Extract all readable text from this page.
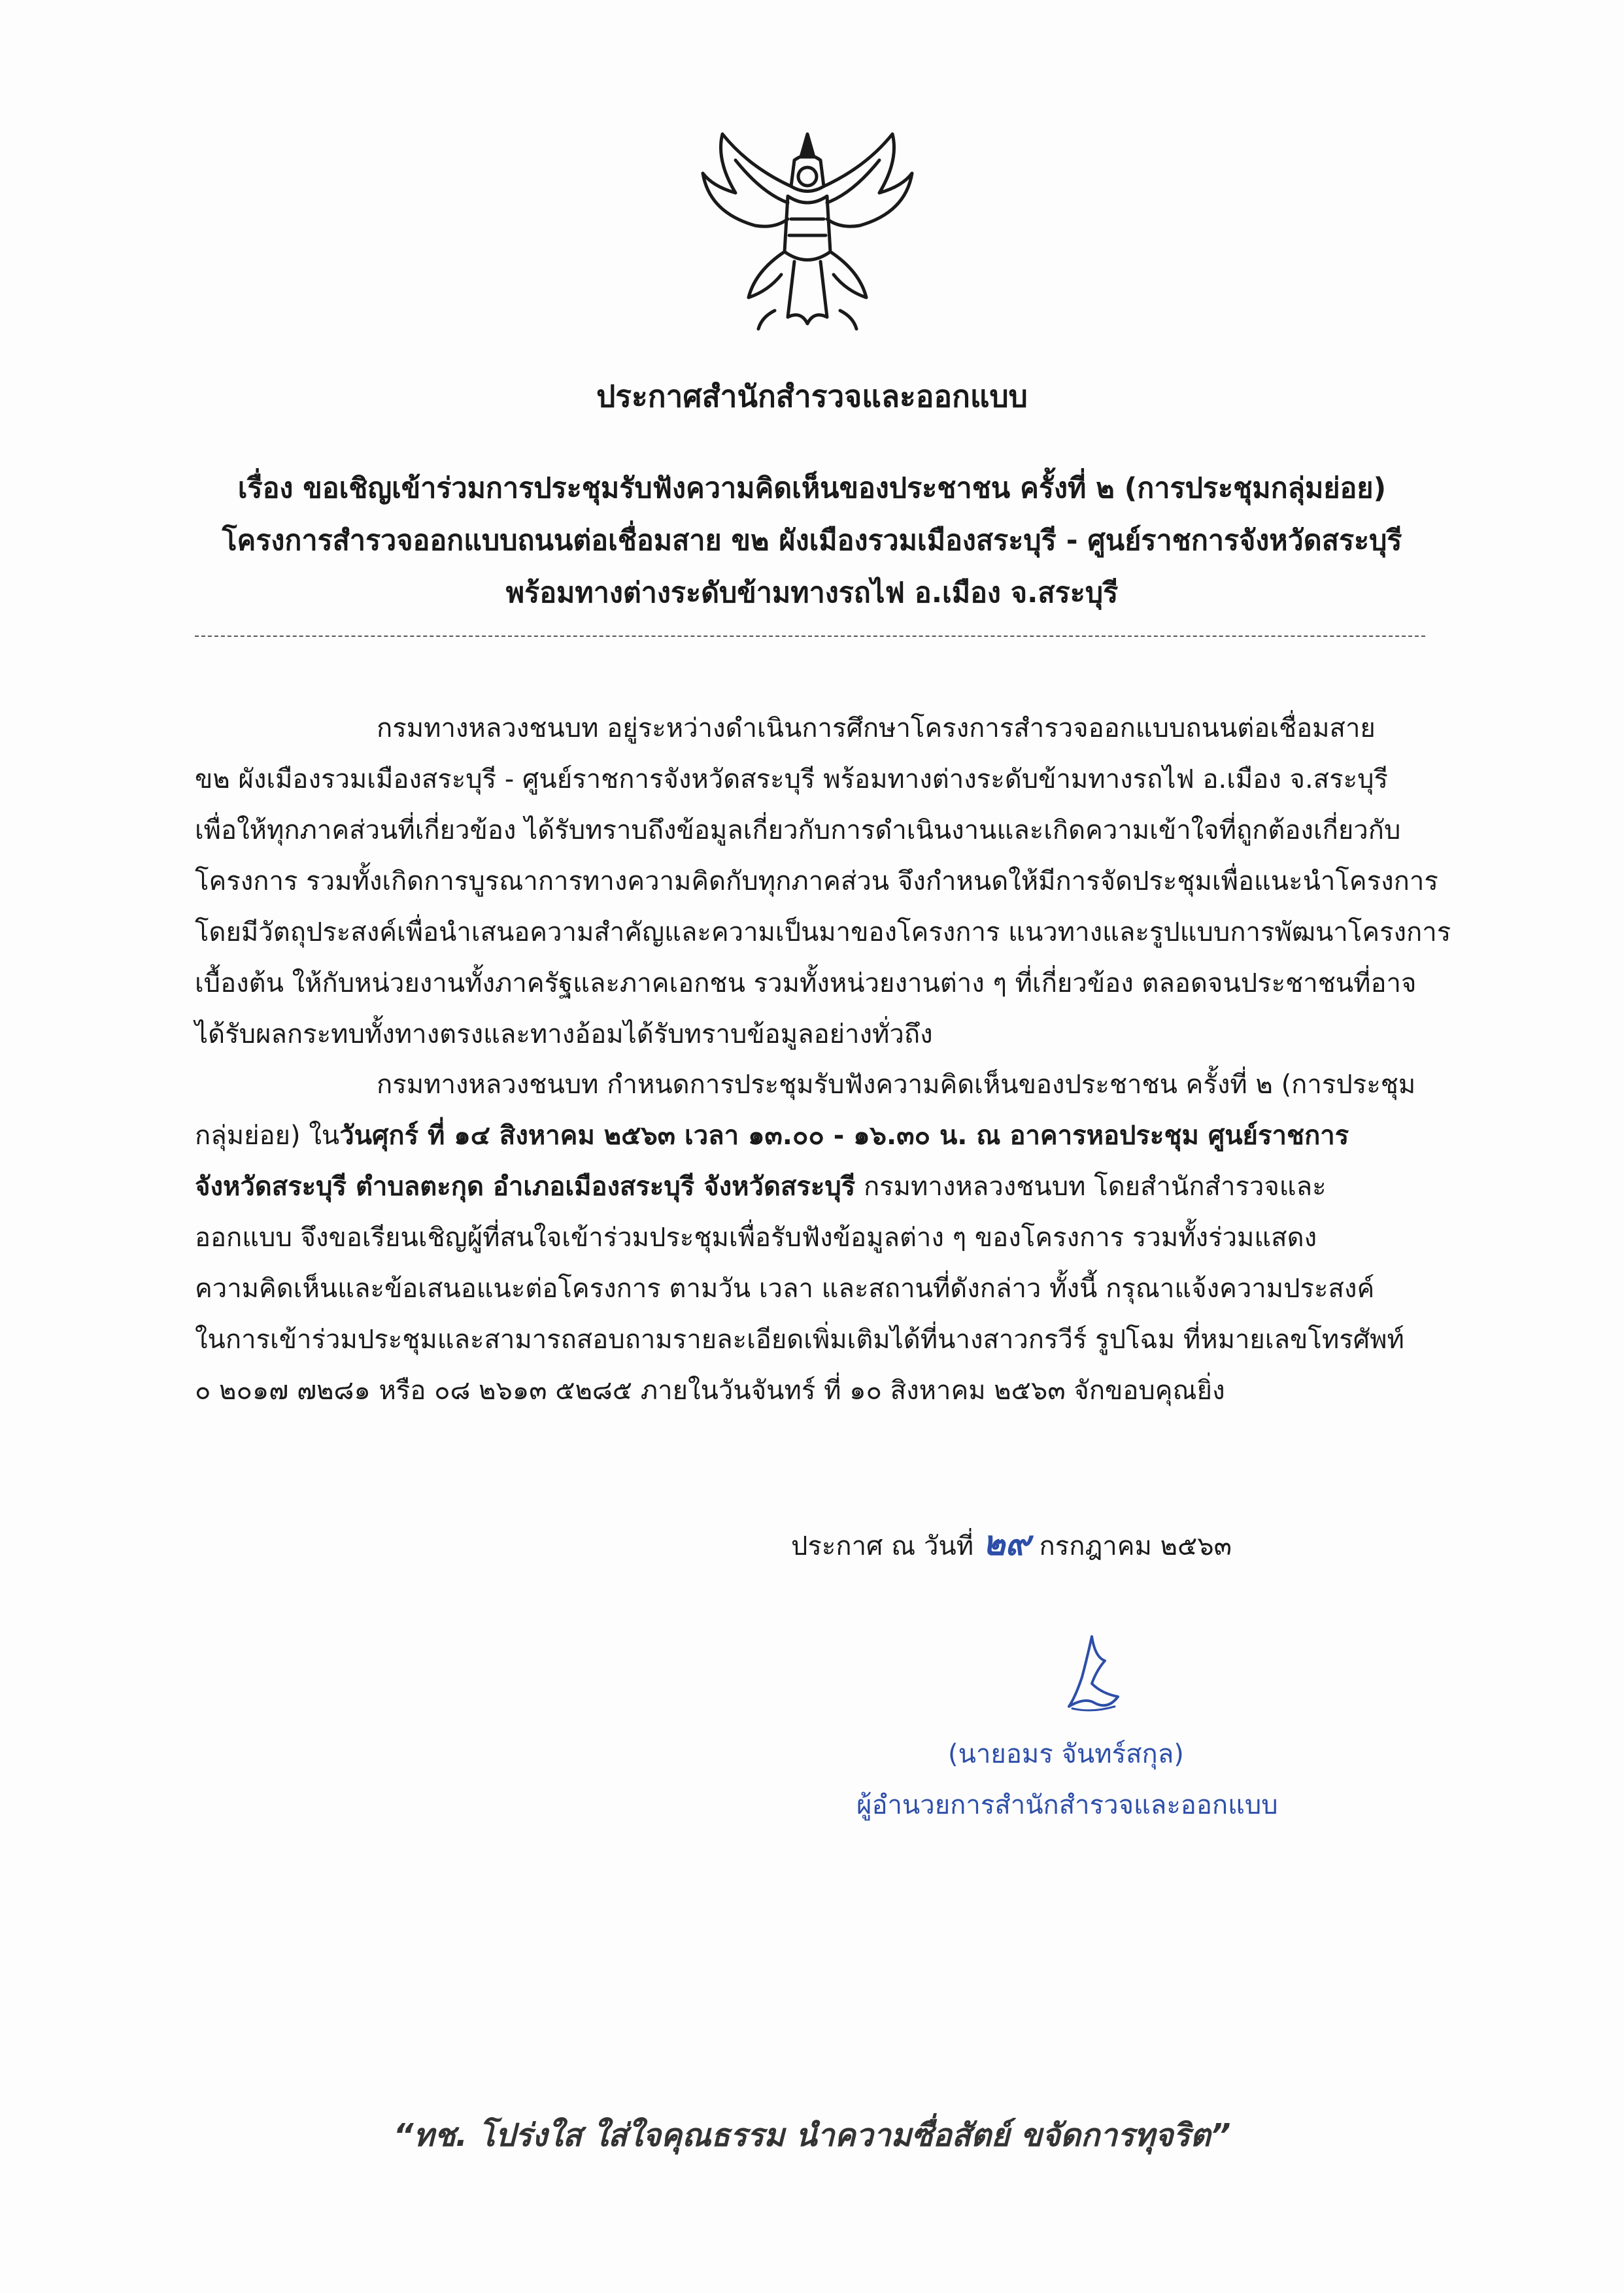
ประกาศสำนักสำรวจและออกแบบ
เรื่อง ขอเชิญเข้าร่วมการประชุมรับฟังความคิดเห็นของประชาชน ครั้งที่ ๒ (การประชุมกลุ่มย่อย)
โครงการสำรวจออกแบบถนนต่อเชื่อมสาย ข๒ ผังเมืองรวมเมืองสระบุรี - ศูนย์ราชการจังหวัดสระบุรี
พร้อมทางต่างระดับข้ามทางรถไฟ อ.เมือง จ.สระบุรี
กรมทางหลวงชนบท อยู่ระหว่างดำเนินการศึกษาโครงการสำรวจออกแบบถนนต่อเชื่อมสาย
ข๒ ผังเมืองรวมเมืองสระบุรี - ศูนย์ราชการจังหวัดสระบุรี พร้อมทางต่างระดับข้ามทางรถไฟ อ.เมือง จ.สระบุรี
เพื่อให้ทุกภาคส่วนที่เกี่ยวข้อง ได้รับทราบถึงข้อมูลเกี่ยวกับการดำเนินงานและเกิดความเข้าใจที่ถูกต้องเกี่ยวกับ
โครงการ รวมทั้งเกิดการบูรณาการทางความคิดกับทุกภาคส่วน จึงกำหนดให้มีการจัดประชุมเพื่อแนะนำโครงการ
โดยมีวัตถุประสงค์เพื่อนำเสนอความสำคัญและความเป็นมาของโครงการ แนวทางและรูปแบบการพัฒนาโครงการ
เบื้องต้น ให้กับหน่วยงานทั้งภาครัฐและภาคเอกชน รวมทั้งหน่วยงานต่าง ๆ ที่เกี่ยวข้อง ตลอดจนประชาชนที่อาจ
ได้รับผลกระทบทั้งทางตรงและทางอ้อมได้รับทราบข้อมูลอย่างทั่วถึง
กรมทางหลวงชนบท กำหนดการประชุมรับฟังความคิดเห็นของประชาชน ครั้งที่ ๒ (การประชุม
กลุ่มย่อย) ในวันศุกร์ ที่ ๑๔ สิงหาคม ๒๕๖๓ เวลา ๑๓.๐๐ - ๑๖.๓๐ น. ณ อาคารหอประชุม ศูนย์ราชการ
จังหวัดสระบุรี ตำบลตะกุด อำเภอเมืองสระบุรี จังหวัดสระบุรี กรมทางหลวงชนบท โดยสำนักสำรวจและ
ออกแบบ จึงขอเรียนเชิญผู้ที่สนใจเข้าร่วมประชุมเพื่อรับฟังข้อมูลต่าง ๆ ของโครงการ รวมทั้งร่วมแสดง
ความคิดเห็นและข้อเสนอแนะต่อโครงการ ตามวัน เวลา และสถานที่ดังกล่าว ทั้งนี้ กรุณาแจ้งความประสงค์
ในการเข้าร่วมประชุมและสามารถสอบถามรายละเอียดเพิ่มเติมได้ที่นางสาวกรวีร์ รูปโฉม ที่หมายเลขโทรศัพท์
๐ ๒๐๑๗ ๗๒๘๑ หรือ ๐๘ ๒๖๑๓ ๕๒๘๕ ภายในวันจันทร์ ที่ ๑๐ สิงหาคม ๒๕๖๓ จักขอบคุณยิ่ง
ประกาศ ณ วันที่ ๒๙ กรกฎาคม ๒๕๖๓
(นายอมร จันทร์สกุล)
ผู้อำนวยการสำนักสำรวจและออกแบบ
“ทช. โปร่งใส ใส่ใจคุณธรรม นำความซื่อสัตย์ ขจัดการทุจริต”
